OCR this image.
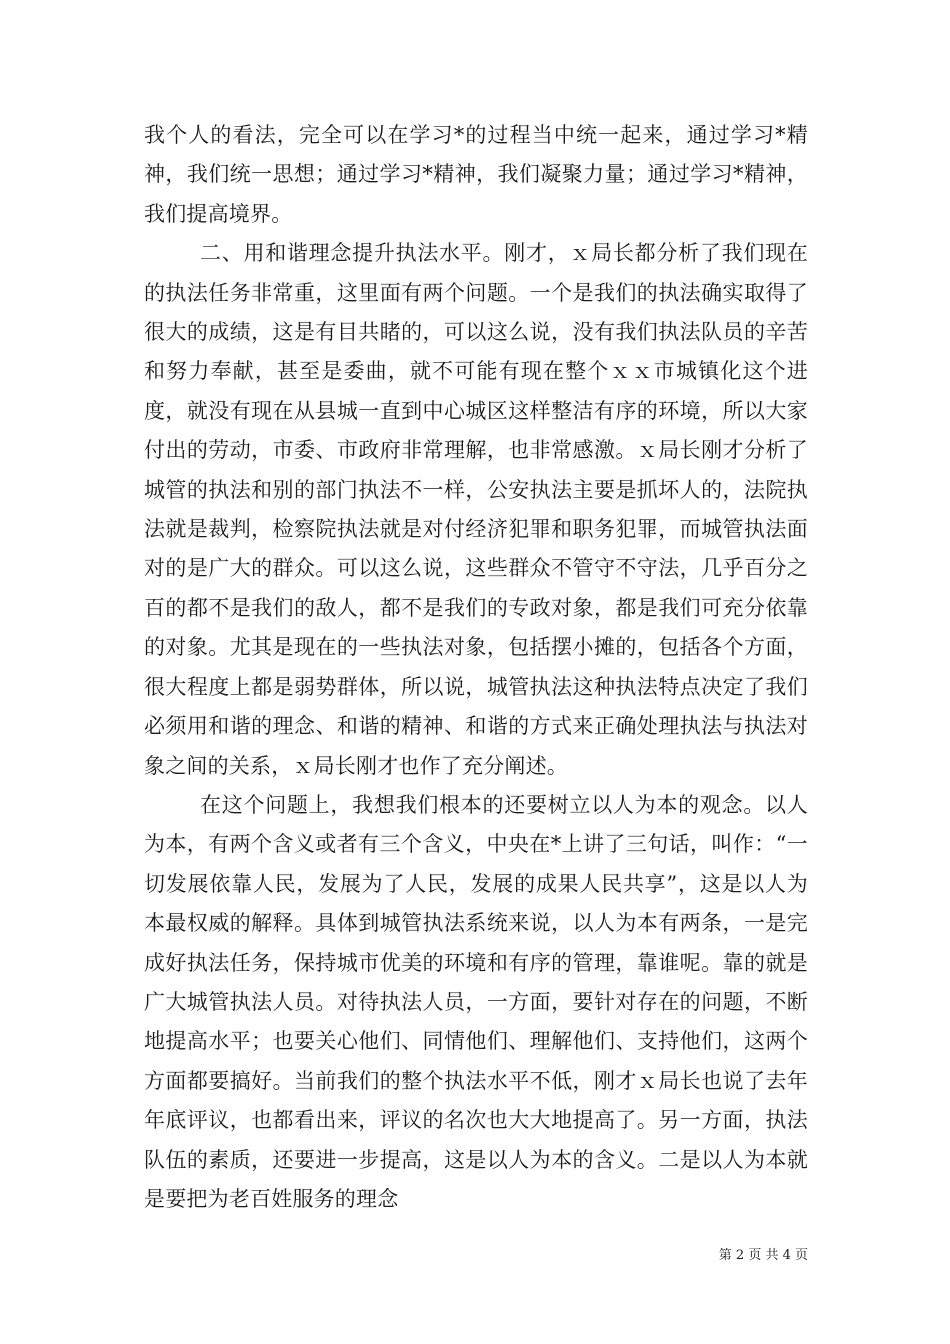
我个人的看法，完全可以在学习*的过程当中统一起来，通过学习*精神，我们统一思想；通过学习*精神，我们凝聚力量；通过学习*精神，我们提高境界。

二、用和谐理念提升执法水平。刚才，ｘ局长都分析了我们现在的执法任务非常重，这里面有两个问题。一个是我们的执法确实取得了很大的成绩，这是有目共睹的，可以这么说，没有我们执法队员的辛苦和努力奉献，甚至是委曲，就不可能有现在整个ｘｘ市城镇化这个进度，就没有现在从县城一直到中心城区这样整洁有序的环境，所以大家付出的劳动，市委、市政府非常理解，也非常感激。ｘ局长刚才分析了城管的执法和别的部门执法不一样，公安执法主要是抓坏人的，法院执法就是裁判，检察院执法就是对付经济犯罪和职务犯罪，而城管执法面对的是广大的群众。可以这么说，这些群众不管守不守法，几乎百分之百的都不是我们的敌人，都不是我们的专政对象，都是我们可充分依靠的对象。尤其是现在的一些执法对象，包括摆小摊的，包括各个方面，很大程度上都是弱势群体，所以说，城管执法这种执法特点决定了我们必须用和谐的理念、和谐的精神、和谐的方式来正确处理执法与执法对象之间的关系，ｘ局长刚才也作了充分阐述。

在这个问题上，我想我们根本的还要树立以人为本的观念。以人为本，有两个含义或者有三个含义，中央在*上讲了三句话，叫作：“一切发展依靠人民，发展为了人民，发展的成果人民共享”，这是以人为本最权威的解释。具体到城管执法系统来说，以人为本有两条，一是完成好执法任务，保持城市优美的环境和有序的管理，靠谁呢。靠的就是广大城管执法人员。对待执法人员，一方面，要针对存在的问题，不断地提高水平；也要关心他们、同情他们、理解他们、支持他们，这两个方面都要搞好。当前我们的整个执法水平不低，刚才ｘ局长也说了去年年底评议，也都看出来，评议的名次也大大地提高了。另一方面，执法队伍的素质，还要进一步提高，这是以人为本的含义。二是以人为本就是要把为老百姓服务的理念

第 2 页 共 4 页
